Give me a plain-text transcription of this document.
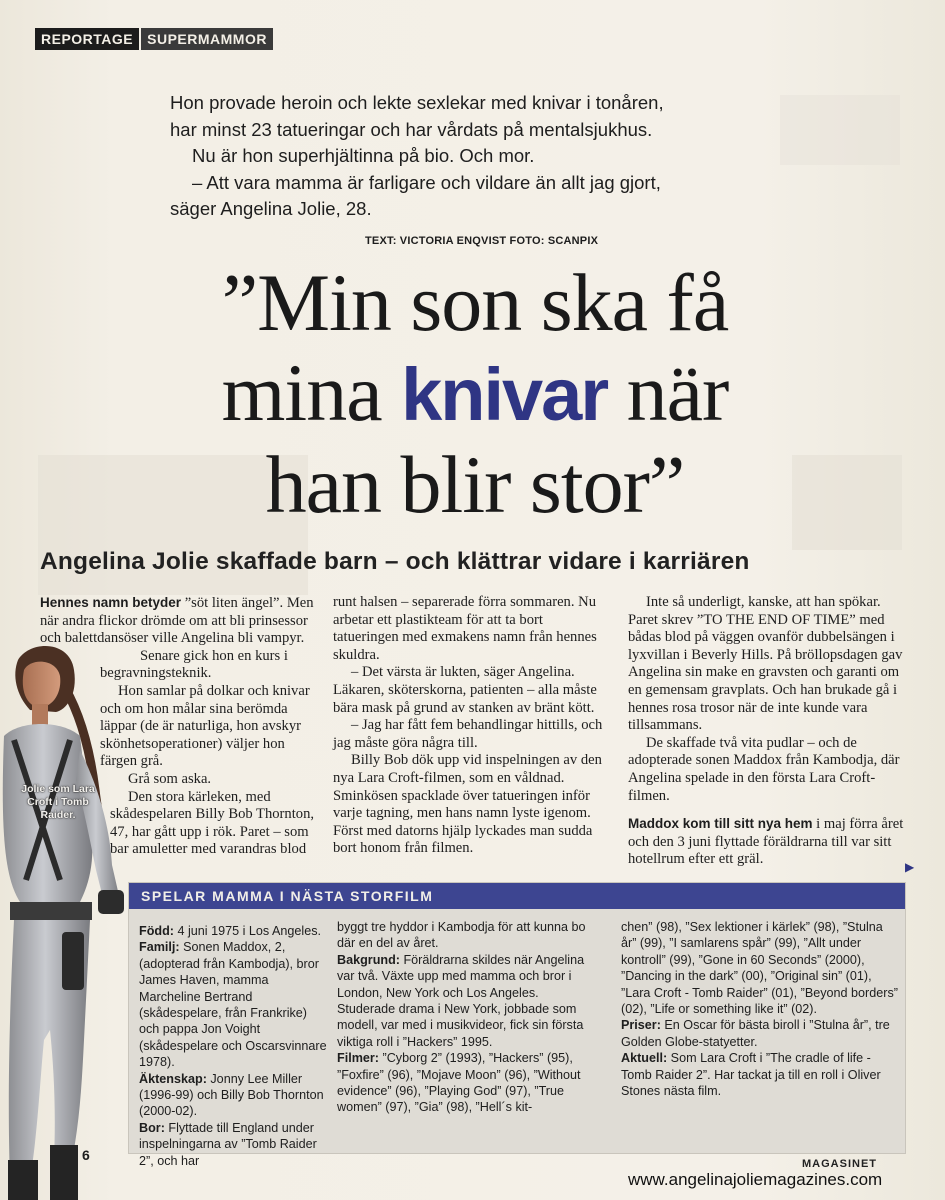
REPORTAGE	SUPERMAMMOR

Hon provade heroin och lekte sexlekar med knivar i tonåren,

har minst 23 tatueringar och har vårdats på mentalsjukhus.

Nu är hon superhjältinna på bio. Och mor.

– Att vara mamma är farligare och vildare än allt jag gjort,

säger Angelina Jolie, 28.

TEXT: VICTORIA ENQVIST FOTO: SCANPIX
”Min son ska få
mina knivar när
han blir stor”
Angelina Jolie skaffade barn – och klättrar vidare i karriären

Hennes namn betyder ”söt liten ängel”. Men när andra flickor drömde om att bli prinsessor och balettdansöser ville Angelina bli vampyr.

Senare gick hon en kurs i begravningsteknik.

Hon samlar på dolkar och knivar och om hon målar sina berömda läppar (de är naturliga, hon avskyr skönhetsoperationer) väljer hon färgen grå.

Grå som aska.

Den stora kärleken, med skådespelaren Billy Bob Thornton, 47, har gått upp i rök. Paret – som bar amuletter med varandras blod

runt halsen – separerade förra sommaren. Nu arbetar ett plastikteam för att ta bort tatueringen med exmakens namn från hennes skuldra.

– Det värsta är lukten, säger Angelina. Läkaren, sköterskorna, patienten – alla måste bära mask på grund av stanken av bränt kött.

– Jag har fått fem behandlingar hittills, och jag måste göra några till.

Billy Bob dök upp vid inspelningen av den nya Lara Croft-filmen, som en våldnad. Sminkösen spacklade över tatueringen inför varje tagning, men hans namn lyste igenom. Först med datorns hjälp lyckades man sudda bort honom från filmen.

Inte så underligt, kanske, att han spökar. Paret skrev ”TO THE END OF TIME” med bådas blod på väggen ovanför dubbelsängen i lyxvillan i Beverly Hills. På bröllopsdagen gav Angelina sin make en gravsten och garanti om en gemensam gravplats. Och han brukade gå i hennes rosa trosor när de inte kunde vara tillsammans.

De skaffade två vita pudlar – och de adopterade sonen Maddox från Kambodja, där Angelina spelade in den första Lara Croft-filmen.

Maddox kom till sitt nya hem i maj förra året och den 3 juni flyttade föräldrarna till var sitt hotellrum efter ett gräl.	▶
SPELAR MAMMA I NÄSTA STORFILM

Född: 4 juni 1975 i Los Angeles.

Familj: Sonen Maddox, 2, (adopterad från Kambodja), bror James Haven, mamma Marcheline Bertrand (skådespelare, från Frankrike) och pappa Jon Voight (skådespelare och Oscarsvinnare 1978).

Äktenskap: Jonny Lee Miller (1996-99) och Billy Bob Thornton (2000-02).

Bor: Flyttade till England under inspelningarna av ”Tomb Raider 2”, och har

byggt tre hyddor i Kambodja för att kunna bo där en del av året.

Bakgrund: Föräldrarna skildes när Angelina var två. Växte upp med mamma och bror i London, New York och Los Angeles. Studerade drama i New York, jobbade som modell, var med i musikvideor, fick sin första viktiga roll i ”Hackers” 1995.

Filmer: ”Cyborg 2” (1993), ”Hackers” (95), ”Foxfire” (96), ”Mojave Moon” (96), ”Without evidence” (96), ”Playing God” (97), ”True women” (97), ”Gia” (98), ”Hell´s kit-

chen” (98), ”Sex lektioner i kärlek” (98), ”Stulna år” (99), ”I samlarens spår” (99), ”Allt under kontroll” (99), ”Gone in 60 Seconds” (2000), ”Dancing in the dark” (00), ”Original sin” (01), ”Lara Croft - Tomb Raider” (01), ”Beyond borders” (02), ”Life or something like it” (02).

Priser: En Oscar för bästa biroll i ”Stulna år”, tre Golden Globe-statyetter.

Aktuell: Som Lara Croft i ”The cradle of life - Tomb Raider 2”. Har tackat ja till en roll i Oliver Stones nästa film.

Jolie som Lara Croft i Tomb Raider.
6
MAGASINET
www.angelinajoliemagazines.com
